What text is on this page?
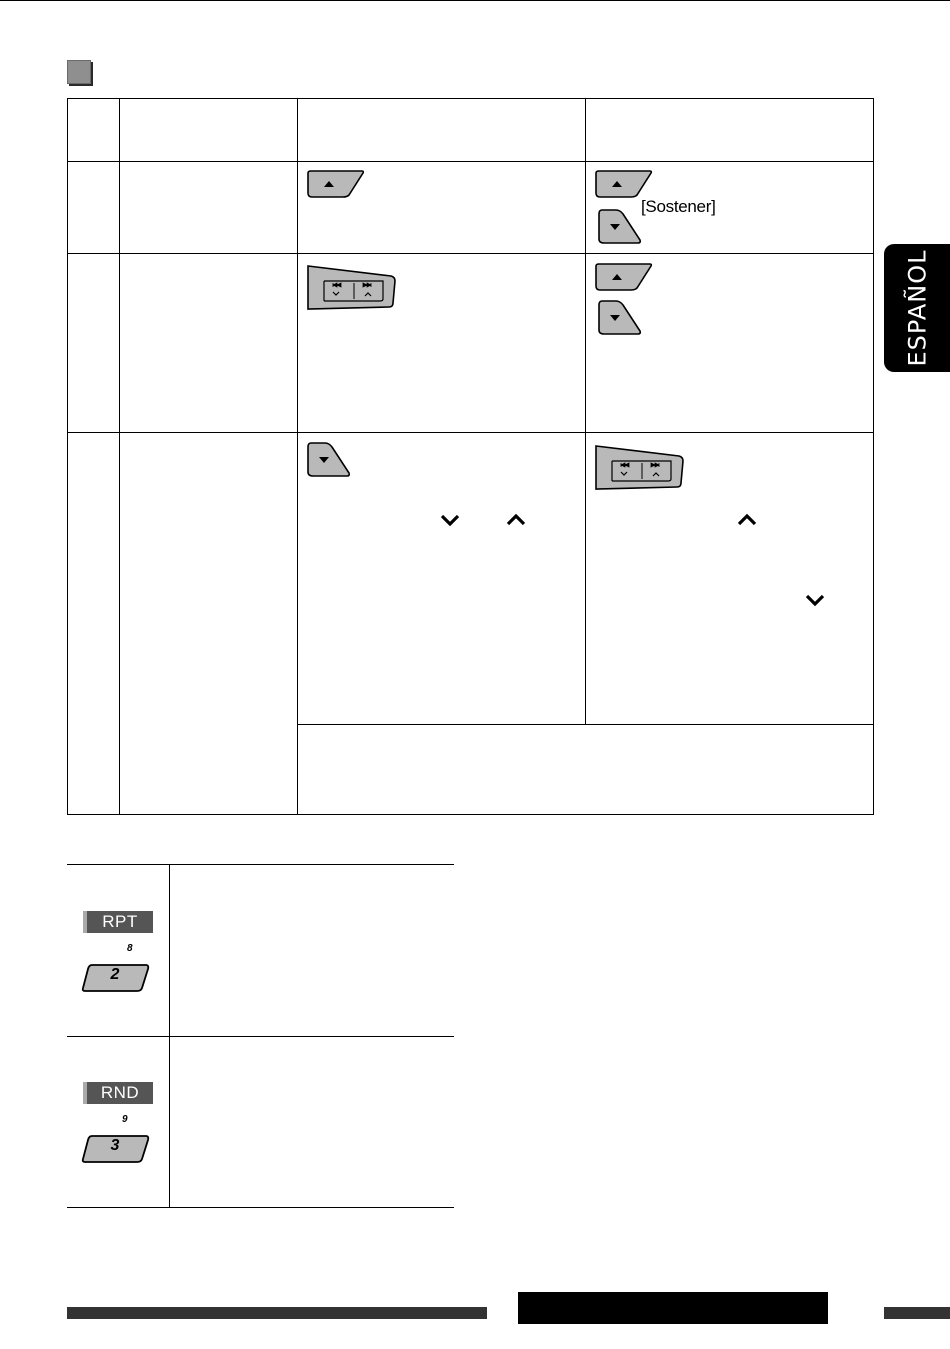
[Sostener]
ESPAÑOL
RPT
8
2
RND
9
3
